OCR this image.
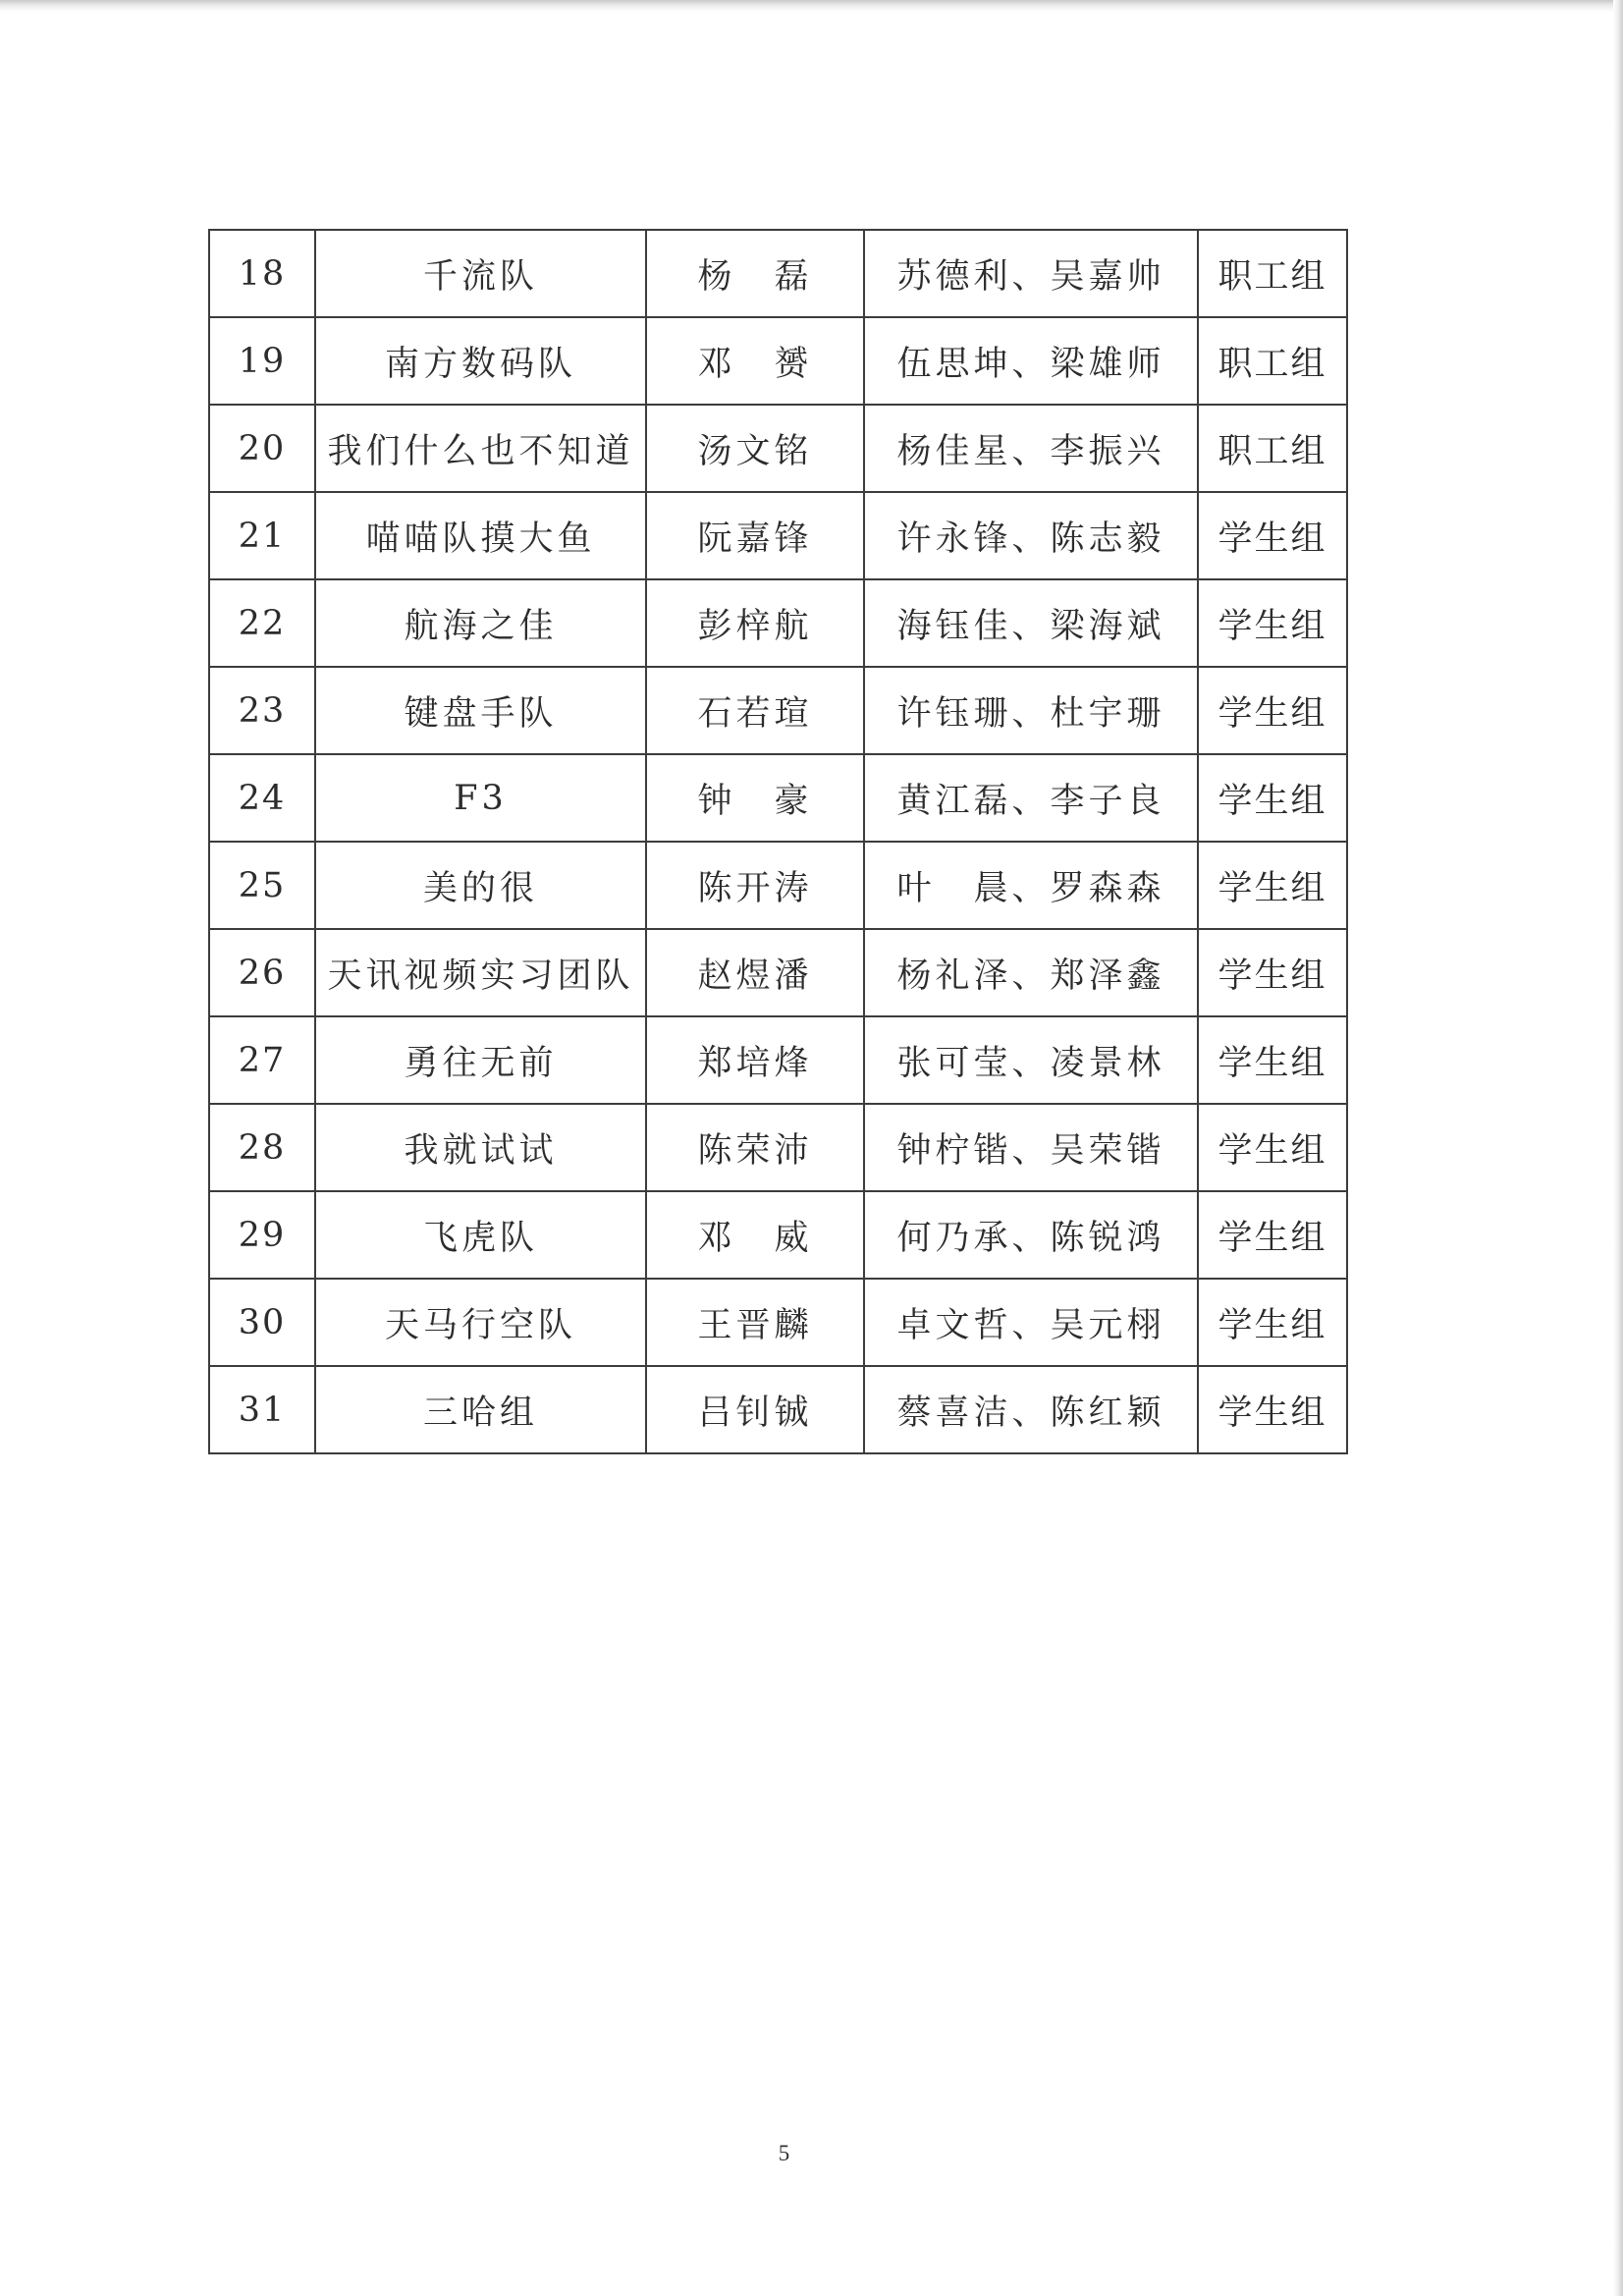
18	千流队	杨　磊	苏德利、吴嘉帅	职工组
19	南方数码队	邓　赟	伍思坤、梁雄师	职工组
20	我们什么也不知道	汤文铭	杨佳星、李振兴	职工组
21	喵喵队摸大鱼	阮嘉锋	许永锋、陈志毅	学生组
22	航海之佳	彭梓航	海钰佳、梁海斌	学生组
23	键盘手队	石若瑄	许钰珊、杜宇珊	学生组
24	F3	钟　豪	黄江磊、李子良	学生组
25	美的很	陈开涛	叶　晨、罗森森	学生组
26	天讯视频实习团队	赵煜潘	杨礼泽、郑泽鑫	学生组
27	勇往无前	郑培烽	张可莹、凌景林	学生组
28	我就试试	陈荣沛	钟柠锴、吴荣锴	学生组
29	飞虎队	邓　威	何乃承、陈锐鸿	学生组
30	天马行空队	王晋麟	卓文哲、吴元栩	学生组
31	三哈组	吕钊铖	蔡喜洁、陈红颖	学生组
5
